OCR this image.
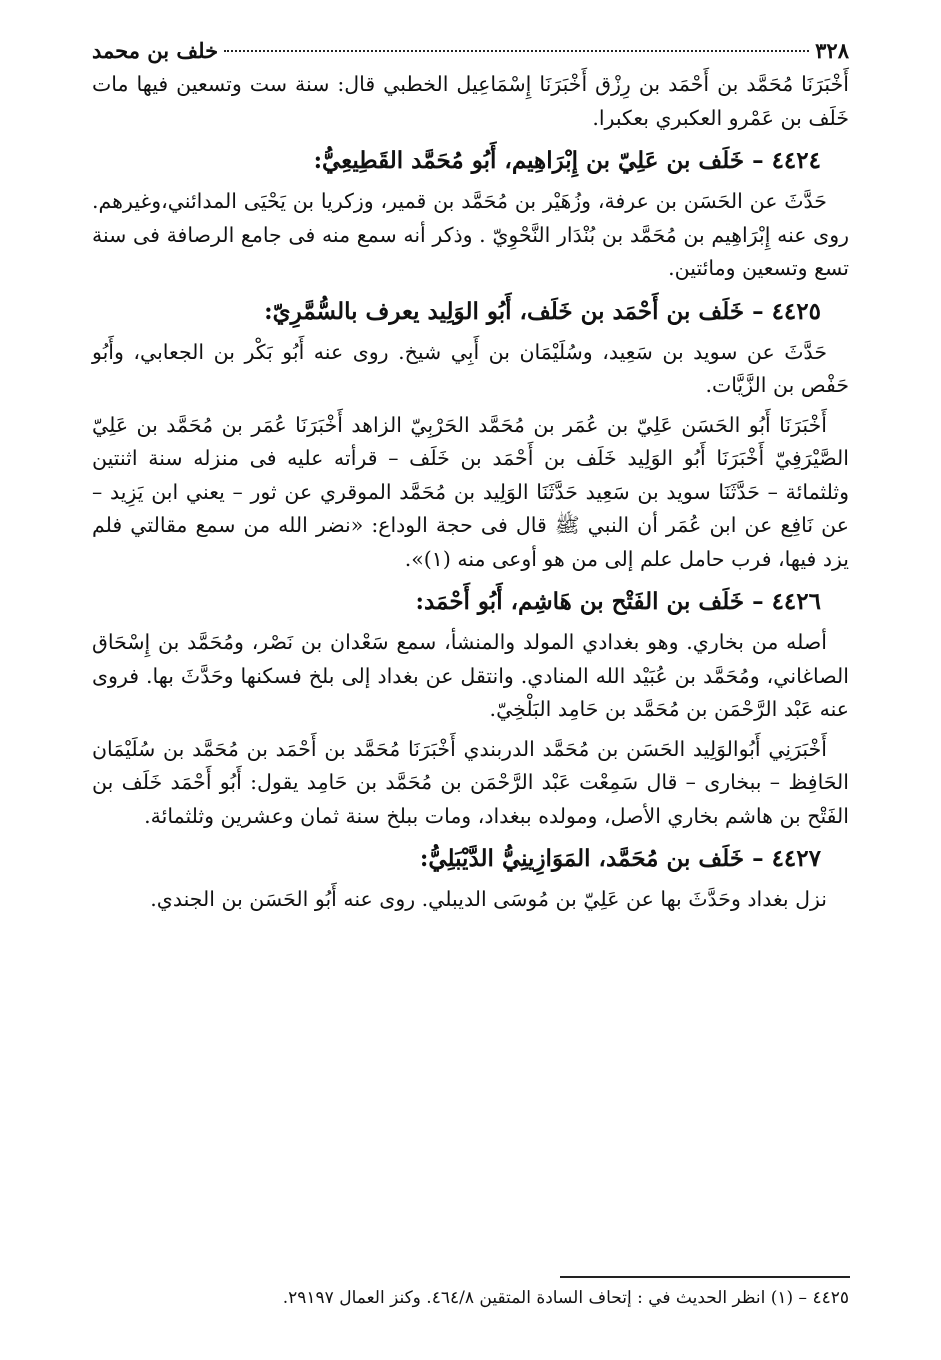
٣٢٨
خلف بن محمد

أَخْبَرَنَا مُحَمَّد بن أَحْمَد بن رِزْق أَخْبَرَنَا إِسْمَاعِيل الخطبي قال: سنة ست وتسعين فيها مات خَلَف بن عَمْرو العكبري بعكبرا.

٤٤٢٤ – خَلَف بن عَلِيّ بن إِبْرَاهِيم، أَبُو مُحَمَّد القَطِيعِيُّ:

حَدَّثَ عن الحَسَن بن عرفة، وزُهَيْر بن مُحَمَّد بن قمير، وزكريا بن يَحْيَى المدائني،وغيرهم. روى عنه إِبْرَاهِيم بن مُحَمَّد بن بُنْدَار النَّحْوِيّ . وذكر أنه سمع منه فى جامع الرصافة فى سنة تسع وتسعين ومائتين.

٤٤٢٥ – خَلَف بن أَحْمَد بن خَلَف، أَبُو الوَلِيد يعرف بالسُّمَّرِيّ:

حَدَّثَ عن سويد بن سَعِيد، وسُلَيْمَان بن أَبِي شيخ. روى عنه أَبُو بَكْر بن الجعابي، وأَبُو حَفْص بن الزَّيَّات.

أَخْبَرَنَا أَبُو الحَسَن عَلِيّ بن عُمَر بن مُحَمَّد الحَرْبِيّ الزاهد أَخْبَرَنَا عُمَر بن مُحَمَّد بن عَلِيّ الصَّيْرَفِيّ أَخْبَرَنَا أَبُو الوَلِيد خَلَف بن أَحْمَد بن خَلَف – قرأته عليه فى منزله سنة اثنتين وثلثمائة – حَدَّثَنَا سويد بن سَعِيد حَدَّثَنَا الوَلِيد بن مُحَمَّد الموقري عن ثور – يعني ابن يَزِيد – عن نَافِع عن ابن عُمَر أن النبي ﷺ قال فى حجة الوداع: «نضر الله من سمع مقالتي فلم يزد فيها، فرب حامل علم إلى من هو أوعى منه (١)».

٤٤٢٦ – خَلَف بن الفَتْح بن هَاشِم، أَبُو أَحْمَد:

أصله من بخاري. وهو بغدادي المولد والمنشأ، سمع سَعْدان بن نَصْر، ومُحَمَّد بن إِسْحَاق الصاغاني، ومُحَمَّد بن عُبَيْد الله المنادي. وانتقل عن بغداد إلى بلخ فسكنها وحَدَّثَ بها. فروى عنه عَبْد الرَّحْمَن بن مُحَمَّد بن حَامِد البَلْخِيّ.

أَخْبَرَنِي أَبُوالوَلِيد الحَسَن بن مُحَمَّد الدربندي أَخْبَرَنَا مُحَمَّد بن أَحْمَد بن مُحَمَّد بن سُلَيْمَان الحَافِظ – ببخارى – قال سَمِعْت عَبْد الرَّحْمَن بن مُحَمَّد بن حَامِد يقول: أَبُو أَحْمَد خَلَف بن الفَتْح بن هاشم بخاري الأصل، ومولده ببغداد، ومات ببلخ سنة ثمان وعشرين وثلثمائة.

٤٤٢٧ – خَلَف بن مُحَمَّد، المَوَازِينِيُّ الدَّيْبَلِيُّ:

نزل بغداد وحَدَّثَ بها عن عَلِيّ بن مُوسَى الديبلي. روى عنه أَبُو الحَسَن بن الجندي.

٤٤٢٥ – (١) انظر الحديث في : إتحاف السادة المتقين ٤٦٤/٨. وكنز العمال ٢٩١٩٧.
